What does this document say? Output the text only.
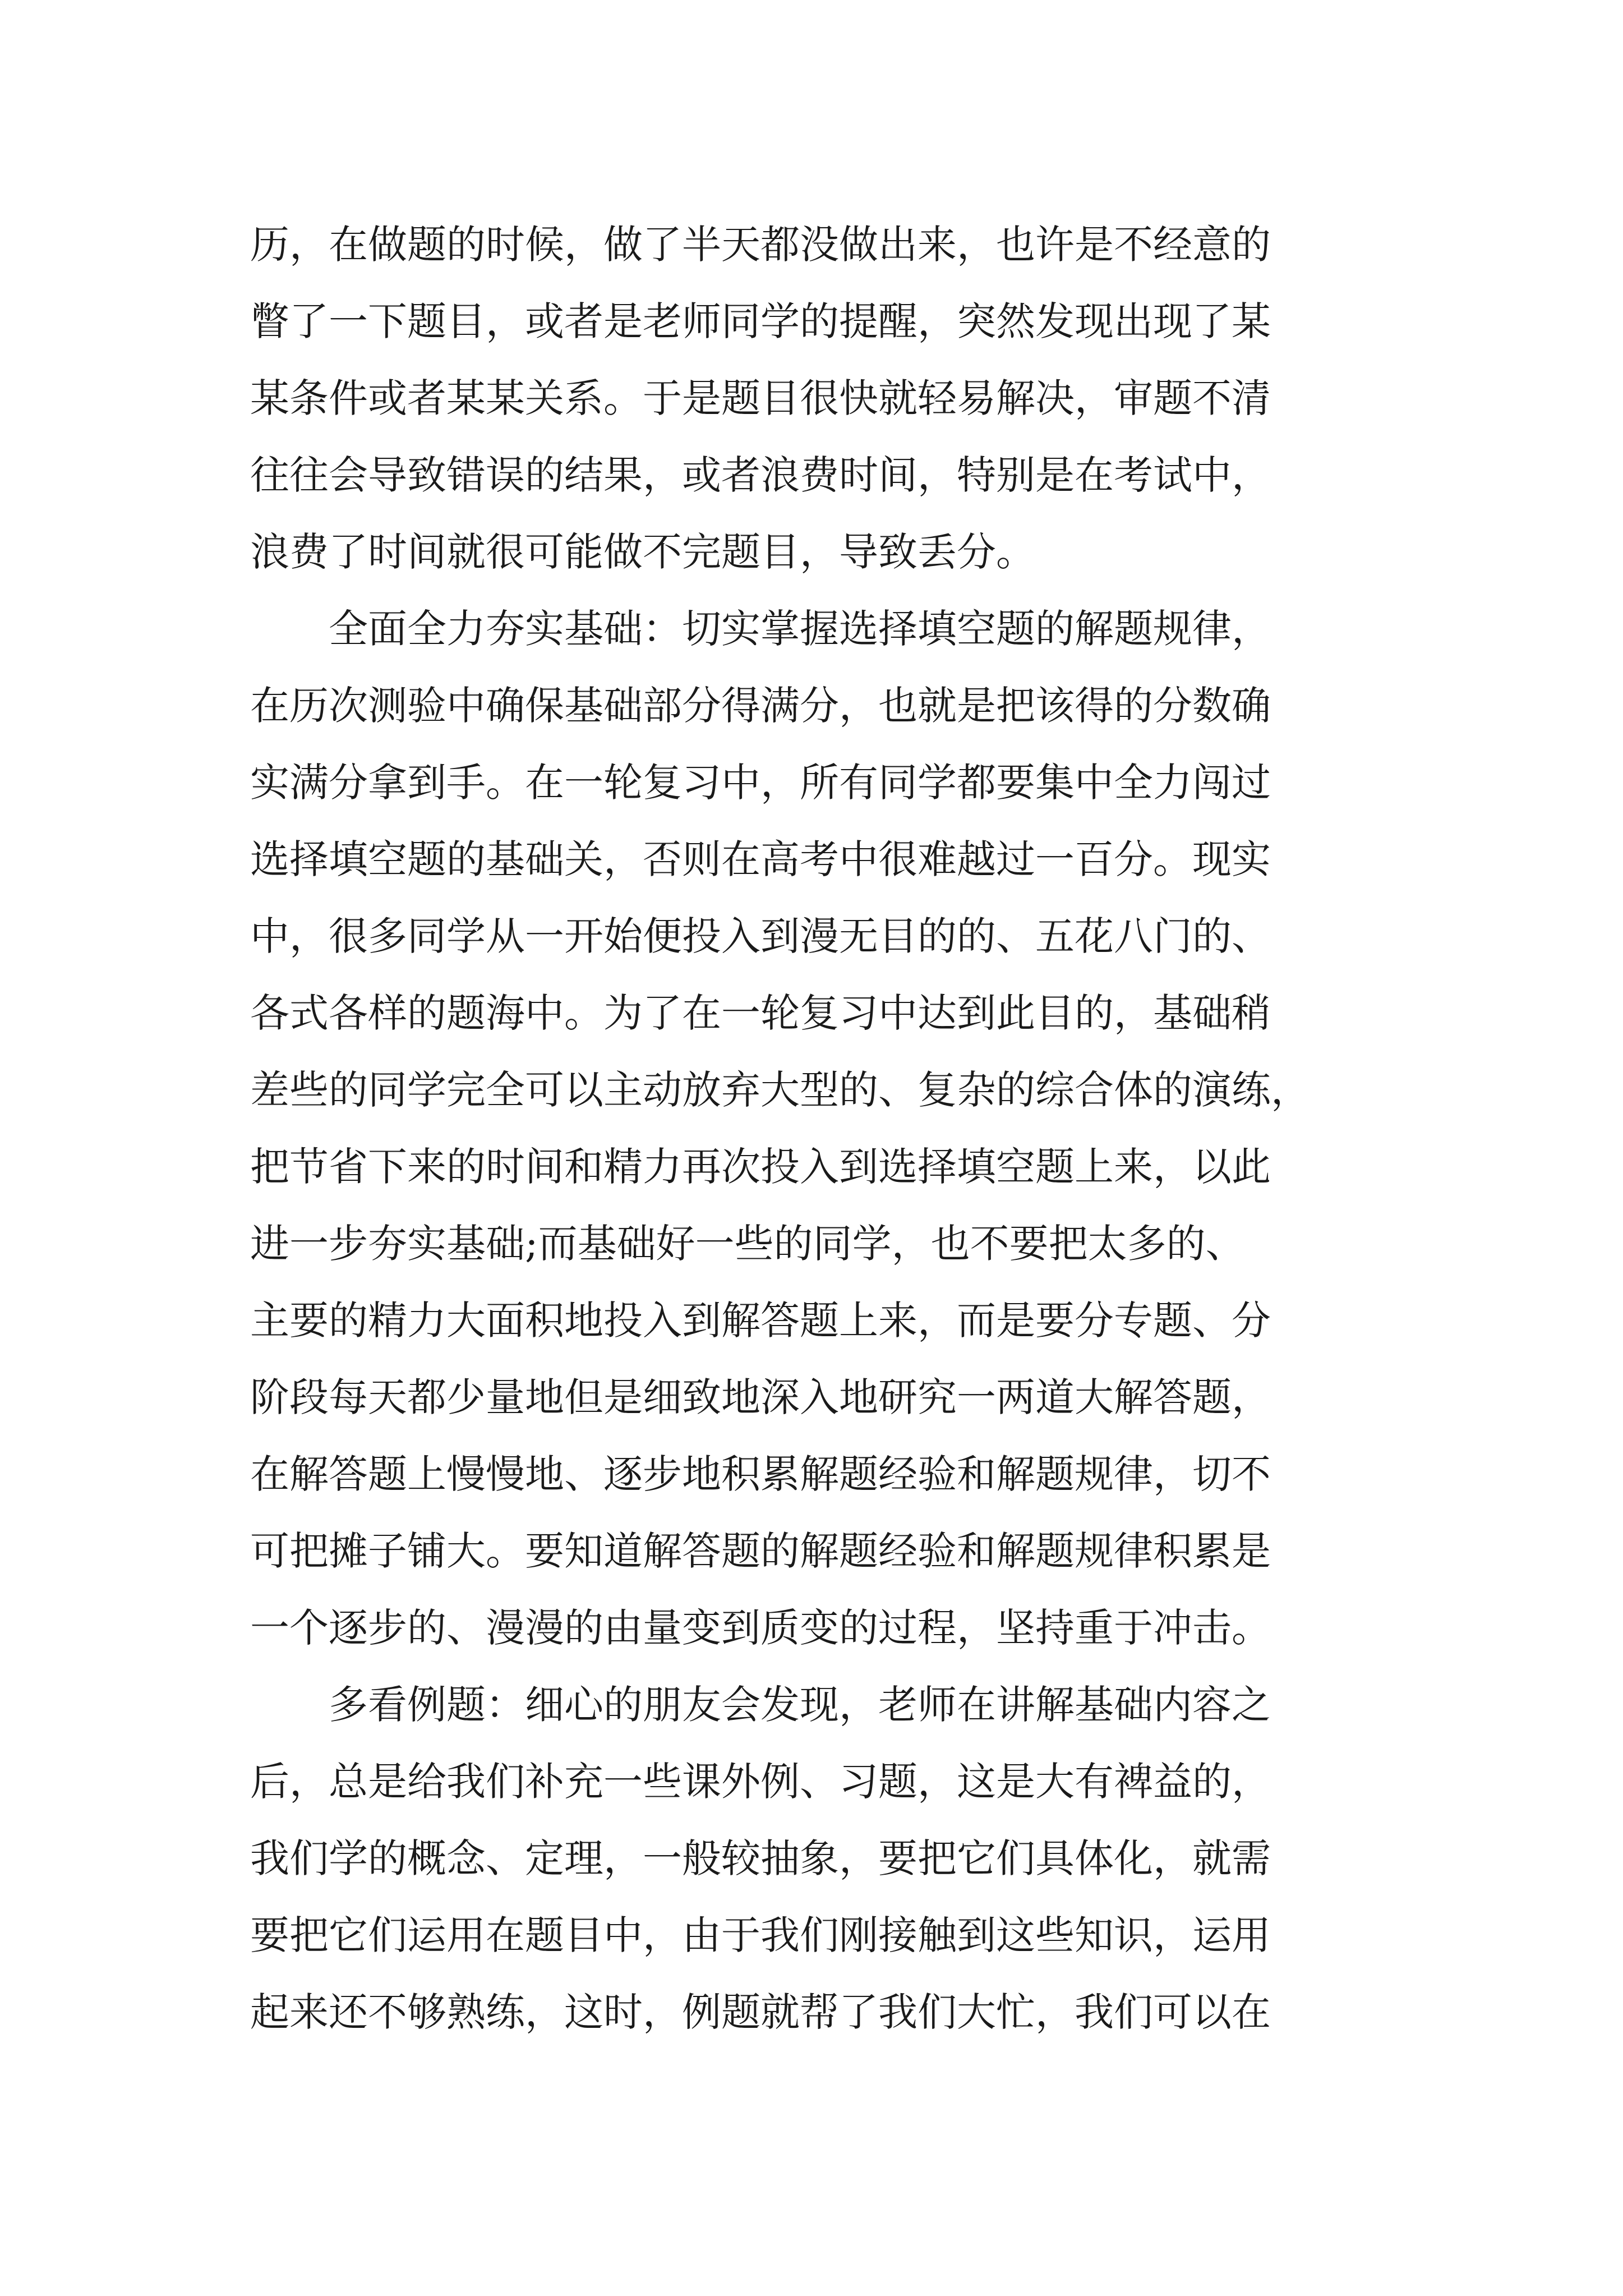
历，在做题的时候，做了半天都没做出来，也许是不经意的
瞥了一下题目，或者是老师同学的提醒，突然发现出现了某
某条件或者某某关系。于是题目很快就轻易解决，审题不清
往往会导致错误的结果，或者浪费时间，特别是在考试中，
浪费了时间就很可能做不完题目，导致丢分。
　　全面全力夯实基础：切实掌握选择填空题的解题规律，
在历次测验中确保基础部分得满分，也就是把该得的分数确
实满分拿到手。在一轮复习中，所有同学都要集中全力闯过
选择填空题的基础关，否则在高考中很难越过一百分。现实
中，很多同学从一开始便投入到漫无目的的、五花八门的、
各式各样的题海中。为了在一轮复习中达到此目的，基础稍
差些的同学完全可以主动放弃大型的、复杂的综合体的演练，
把节省下来的时间和精力再次投入到选择填空题上来，以此
进一步夯实基础;而基础好一些的同学，也不要把太多的、
主要的精力大面积地投入到解答题上来，而是要分专题、分
阶段每天都少量地但是细致地深入地研究一两道大解答题，
在解答题上慢慢地、逐步地积累解题经验和解题规律，切不
可把摊子铺大。要知道解答题的解题经验和解题规律积累是
一个逐步的、漫漫的由量变到质变的过程，坚持重于冲击。
　　多看例题：细心的朋友会发现，老师在讲解基础内容之
后，总是给我们补充一些课外例、习题，这是大有裨益的，
我们学的概念、定理，一般较抽象，要把它们具体化，就需
要把它们运用在题目中，由于我们刚接触到这些知识，运用
起来还不够熟练，这时，例题就帮了我们大忙，我们可以在
